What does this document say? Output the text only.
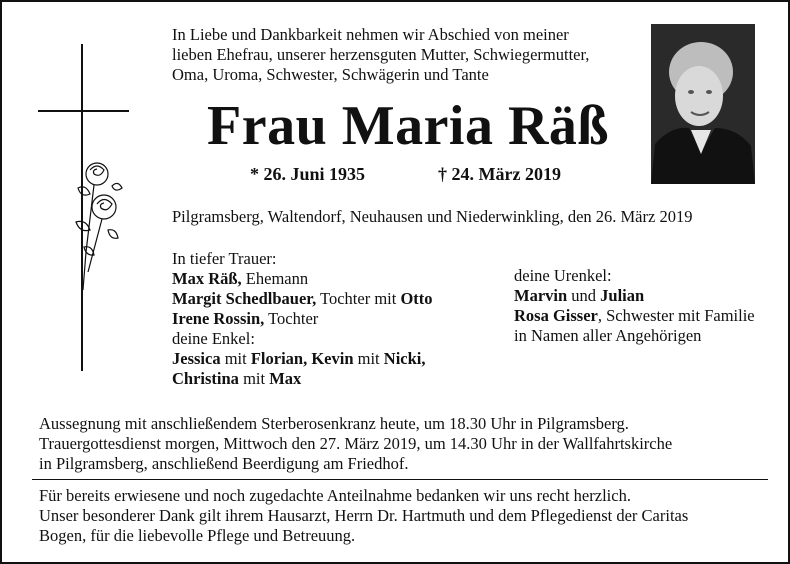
In Liebe und Dankbarkeit nehmen wir Abschied von meiner
lieben Ehefrau, unserer herzensguten Mutter, Schwiegermutter,
Oma, Uroma, Schwester, Schwägerin und Tante
Frau Maria Räß
* 26. Juni 1935	† 24. März 2019
Pilgramsberg, Waltendorf, Neuhausen und Niederwinkling, den 26. März 2019
In tiefer Trauer:
Max Räß, Ehemann
Margit Schedlbauer, Tochter mit Otto
Irene Rossin, Tochter
deine Enkel:
Jessica mit Florian, Kevin mit Nicki,
Christina mit Max
deine Urenkel:
Marvin und Julian
Rosa Gisser, Schwester mit Familie
in Namen aller Angehörigen
Aussegnung mit anschließendem Sterberosenkranz heute, um 18.30 Uhr in Pilgramsberg.
Trauergottesdienst morgen, Mittwoch den 27. März 2019, um 14.30 Uhr in der Wallfahrtskirche
in Pilgramsberg, anschließend Beerdigung am Friedhof.
Für bereits erwiesene und noch zugedachte Anteilnahme bedanken wir uns recht herzlich.
Unser besonderer Dank gilt ihrem Hausarzt, Herrn Dr. Hartmuth und dem Pflegedienst der Caritas
Bogen, für die liebevolle Pflege und Betreuung.
